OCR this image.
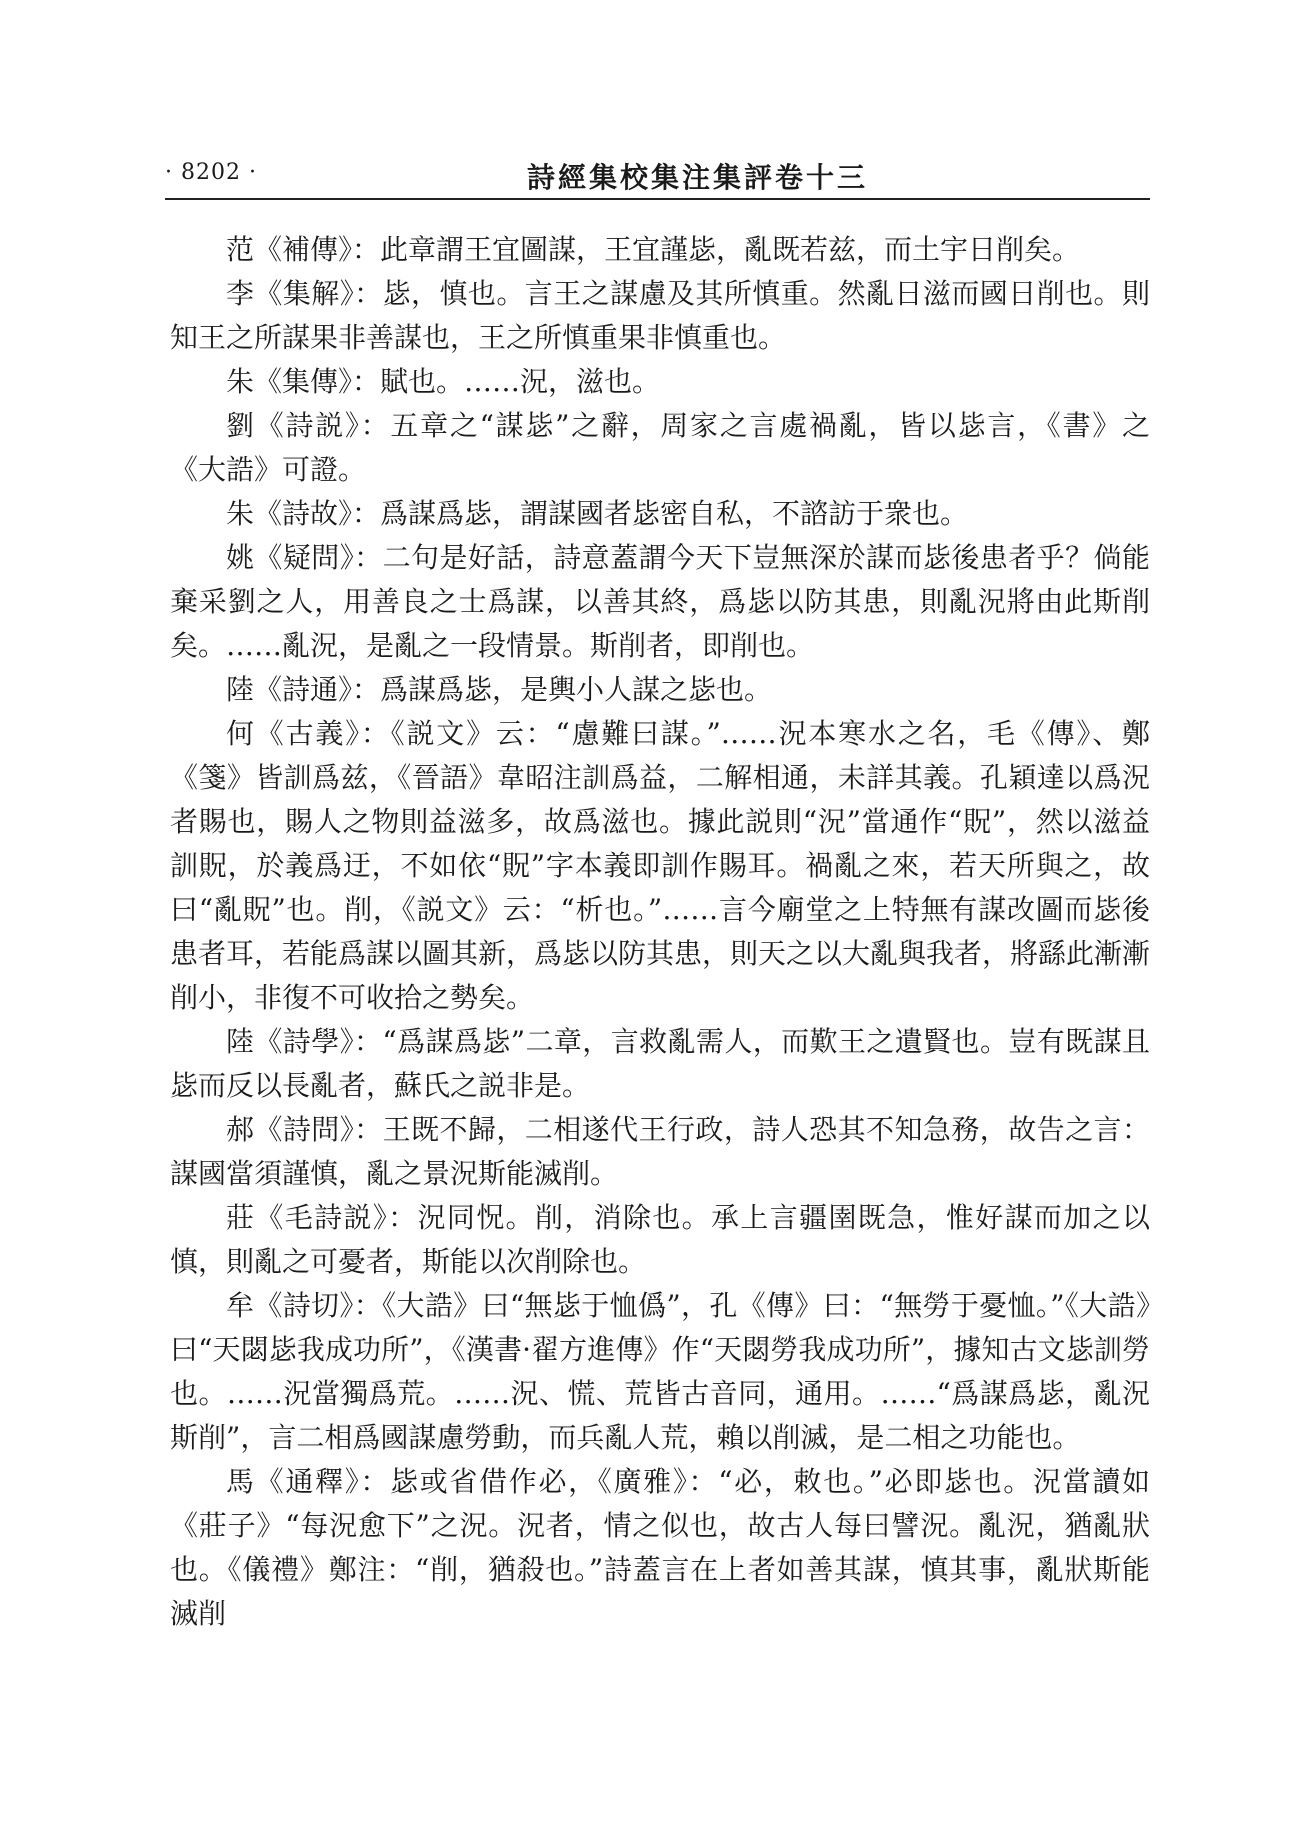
· 8202 ·	詩經集校集注集評卷十三

范《補傳》：此章謂王宜圖謀，王宜謹毖，亂既若兹，而土宇日削矣。

李《集解》：毖，慎也。言王之謀慮及其所慎重。然亂日滋而國日削也。則知王之所謀果非善謀也，王之所慎重果非慎重也。

朱《集傳》：賦也。……況，滋也。

劉《詩説》：五章之“謀毖”之辭，周家之言處禍亂，皆以毖言，《書》之《大誥》可證。

朱《詩故》：爲謀爲毖，謂謀國者毖密自私，不諮訪于衆也。

姚《疑問》：二句是好話，詩意蓋謂今天下豈無深於謀而毖後患者乎？倘能棄采劉之人，用善良之士爲謀，以善其終，爲毖以防其患，則亂況將由此斯削矣。……亂況，是亂之一段情景。斯削者，即削也。

陸《詩通》：爲謀爲毖，是輿小人謀之毖也。

何《古義》：《説文》云：“慮難曰謀。”……況本寒水之名，毛《傳》、鄭《箋》皆訓爲兹，《晉語》韋昭注訓爲益，二解相通，未詳其義。孔穎達以爲況者賜也，賜人之物則益滋多，故爲滋也。據此説則“況”當通作“貺”，然以滋益訓貺，於義爲迂，不如依“貺”字本義即訓作賜耳。禍亂之來，若天所與之，故曰“亂貺”也。削，《説文》云：“析也。”……言今廟堂之上特無有謀改圖而毖後患者耳，若能爲謀以圖其新，爲毖以防其患，則天之以大亂與我者，將繇此漸漸削小，非復不可收拾之勢矣。

陸《詩學》：“爲謀爲毖”二章，言救亂需人，而歎王之遺賢也。豈有既謀且毖而反以長亂者，蘇氏之説非是。

郝《詩問》：王既不歸，二相遂代王行政，詩人恐其不知急務，故告之言：謀國當須謹慎，亂之景況斯能滅削。

莊《毛詩説》：況同怳。削，消除也。承上言疆圉既急，惟好謀而加之以慎，則亂之可憂者，斯能以次削除也。

牟《詩切》：《大誥》曰“無毖于恤僞”，孔《傳》曰：“無勞于憂恤。”《大誥》曰“天閟毖我成功所”，《漢書·翟方進傳》作“天閟勞我成功所”，據知古文毖訓勞也。……況當獨爲荒。……況、慌、荒皆古音同，通用。……“爲謀爲毖，亂況斯削”，言二相爲國謀慮勞動，而兵亂人荒，賴以削滅，是二相之功能也。

馬《通釋》：毖或省借作必，《廣雅》：“必，敕也。”必即毖也。況當讀如《莊子》“每況愈下”之況。況者，情之似也，故古人每曰譬況。亂況，猶亂狀也。《儀禮》鄭注：“削，猶殺也。”詩蓋言在上者如善其謀，慎其事，亂狀斯能滅削
